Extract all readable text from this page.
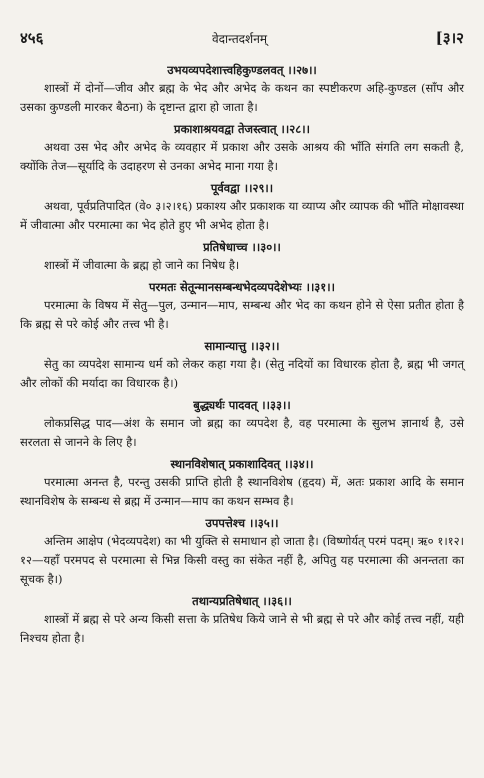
४५६	वेदान्तदर्शनम्	[३।२
उभयव्यपदेशात्त्वहिकुण्डलवत् ।।२७।।

शास्त्रों में दोनों—जीव और ब्रह्म के भेद और अभेद के कथन का स्पष्टीकरण अहि-कुण्डल (साँप और उसका कुण्डली मारकर बैठना) के दृष्टान्त द्वारा हो जाता है।

प्रकाशाश्रयवद्वा तेजस्त्वात् ।।२८।।

अथवा उस भेद और अभेद के व्यवहार में प्रकाश और उसके आश्रय की भाँति संगति लग सकती है, क्योंकि तेज—सूर्यादि के उदाहरण से उनका अभेद माना गया है।

पूर्ववद्वा ।।२९।।

अथवा, पूर्वप्रतिपादित (वे० ३।२।१६) प्रकाश्य और प्रकाशक या व्याप्य और व्यापक की भाँति मोक्षावस्था में जीवात्मा और परमात्मा का भेद होते हुए भी अभेद होता है।

प्रतिषेधाच्च ।।३०।।

शास्त्रों में जीवात्मा के ब्रह्म हो जाने का निषेध है।

परमतः सेतून्मानसम्बन्धभेदव्यपदेशेभ्यः ।।३१।।

परमात्मा के विषय में सेतु—पुल, उन्मान—माप, सम्बन्ध और भेद का कथन होने से ऐसा प्रतीत होता है कि ब्रह्म से परे कोई और तत्त्व भी है।

सामान्यात्तु ।।३२।।

सेतु का व्यपदेश सामान्य धर्म को लेकर कहा गया है। (सेतु नदियों का विधारक होता है, ब्रह्म भी जगत् और लोकों की मर्यादा का विधारक है।)

बुद्ध्यर्थः पादवत् ।।३३।।

लोकप्रसिद्ध पाद—अंश के समान जो ब्रह्म का व्यपदेश है, वह परमात्मा के सुलभ ज्ञानार्थ है, उसे सरलता से जानने के लिए है।

स्थानविशेषात् प्रकाशादिवत् ।।३४।।

परमात्मा अनन्त है, परन्तु उसकी प्राप्ति होती है स्थानविशेष (हृदय) में, अतः प्रकाश आदि के समान स्थानविशेष के सम्बन्ध से ब्रह्म में उन्मान—माप का कथन सम्भव है।

उपपत्तेश्च ।।३५।।

अन्तिम आक्षेप (भेदव्यपदेश) का भी युक्ति से समाधान हो जाता है। (विष्णोर्यत् परमं पदम्। ऋ० १।१२।१२—यहाँ परमपद से परमात्मा से भिन्न किसी वस्तु का संकेत नहीं है, अपितु यह परमात्मा की अनन्तता का सूचक है।)

तथान्यप्रतिषेधात् ।।३६।।

शास्त्रों में ब्रह्म से परे अन्य किसी सत्ता के प्रतिषेध किये जाने से भी ब्रह्म से परे और कोई तत्त्व नहीं, यही निश्चय होता है।
